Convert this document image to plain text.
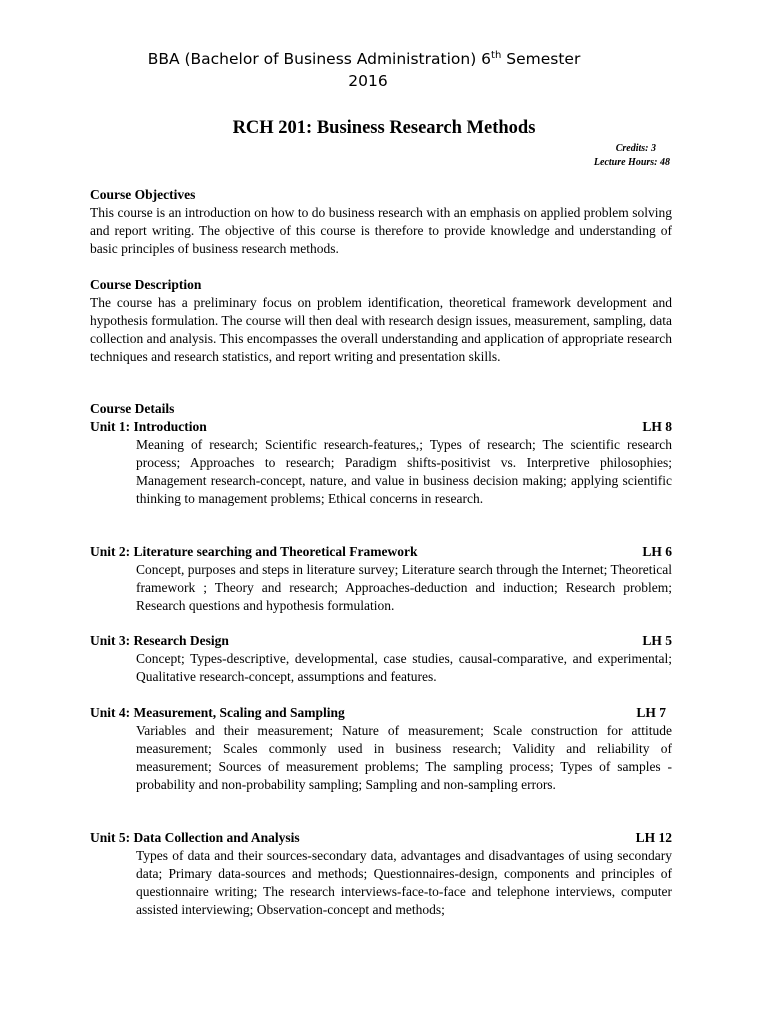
BBA (Bachelor of Business Administration) 6th Semester
2016
RCH 201: Business Research Methods
Credits: 3
Lecture Hours: 48
Course Objectives
This course is an introduction on how to do business research with an emphasis on applied problem solving and report writing. The objective of this course is therefore to provide knowledge and understanding of basic principles of business research methods.
Course Description
The course has a preliminary focus on problem identification, theoretical framework development and hypothesis formulation. The course will then deal with research design issues, measurement, sampling, data collection and analysis. This encompasses the overall understanding and application of appropriate research techniques and research statistics, and report writing and presentation skills.
Course Details
Unit 1: Introduction	LH 8
Meaning of research; Scientific research-features,; Types of research; The scientific research process; Approaches to research; Paradigm shifts-positivist vs. Interpretive philosophies; Management research-concept, nature, and value in business decision making; applying scientific thinking to management problems; Ethical concerns in research.
Unit 2: Literature searching and Theoretical Framework	LH 6
Concept, purposes and steps in literature survey; Literature search through the Internet; Theoretical framework ; Theory and research; Approaches-deduction and induction; Research problem; Research questions and hypothesis formulation.
Unit 3: Research Design	LH 5
Concept; Types-descriptive, developmental, case studies, causal-comparative, and experimental; Qualitative research-concept, assumptions and features.
Unit 4: Measurement, Scaling and Sampling	LH 7
Variables and their measurement; Nature of measurement; Scale construction for attitude measurement; Scales commonly used in business research; Validity and reliability of measurement; Sources of measurement problems; The sampling process; Types of samples -probability and non-probability sampling; Sampling and non-sampling errors.
Unit 5: Data Collection and Analysis	LH 12
Types of data and their sources-secondary data, advantages and disadvantages of using secondary data; Primary data-sources and methods; Questionnaires-design, components and principles of questionnaire writing; The research interviews-face-to-face and telephone interviews, computer assisted interviewing; Observation-concept and methods;
